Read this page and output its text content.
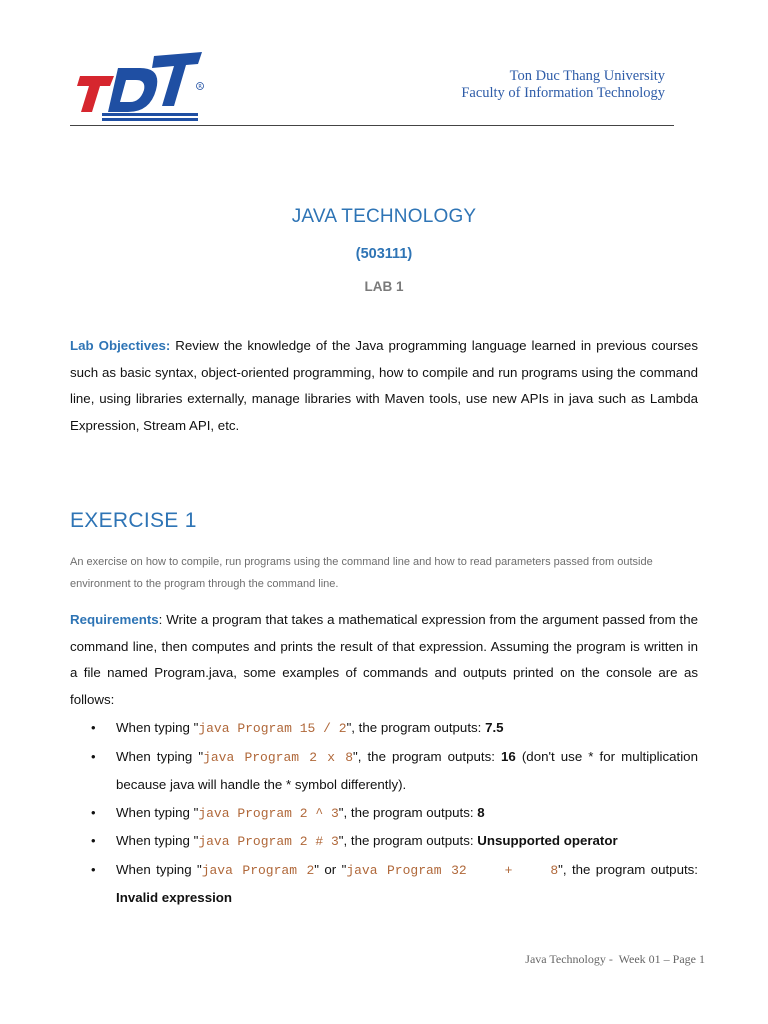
R
Ton Duc Thang University
Faculty of Information Technology
JAVA TECHNOLOGY
(503111)
LAB 1
Lab Objectives: Review the knowledge of the Java programming language learned in previous courses such as basic syntax, object-oriented programming, how to compile and run programs using the command line, using libraries externally, manage libraries with Maven tools, use new APIs in java such as Lambda Expression, Stream API, etc.
EXERCISE 1
An exercise on how to compile, run programs using the command line and how to read parameters passed from outside environment to the program through the command line.
Requirements: Write a program that takes a mathematical expression from the argument passed from the command line, then computes and prints the result of that expression. Assuming the program is written in a file named Program.java, some examples of commands and outputs printed on the console are as follows:
• When typing "java Program 15 / 2", the program outputs: 7.5
• When typing "java Program 2 x 8", the program outputs: 16 (don't use * for multiplication because java will handle the * symbol differently).
• When typing "java Program 2 ^ 3", the program outputs: 8
• When typing "java Program 2 # 3", the program outputs: Unsupported operator
• When typing "java Program 2" or "java Program 32    +    8", the program outputs: Invalid expression
Java Technology -  Week 01 – Page 1
